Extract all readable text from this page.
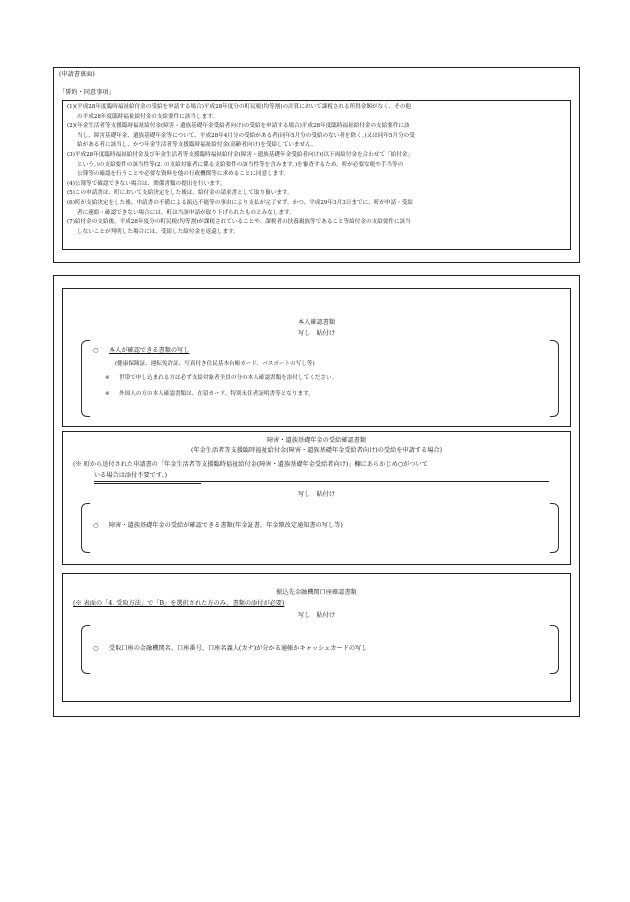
(申請書裏面)
「誓約・同意事項」
(1)(平成28年度臨時福祉給付金の受給を申請する場合)平成28年度分の町民税(均等割)の計算において課税される所得金額がなく、その他
の平成28年度臨時福祉給付金の支給要件に該当します。
(2)(年金生活者等支援臨時福祉給付金(障害・遺族基礎年金受給者向け)の受給を申請する場合)平成28年度臨時福祉給付金の支給要件に該
当し、障害基礎年金、遺族基礎年金等について、平成28年4月分の受給がある者(同年5月分の受給のない者を除く。)又は同年5月分の受
給がある者に該当し、かつ年金生活者等支援臨時福祉給付金(高齢者向け)を受給していません。
(3)平成28年度臨時福祉給付金及び年金生活者等支援臨時福祉給付金(障害・遺族基礎年金受給者向け)(以下両給付金を合わせて「給付金」
という。)の支給要件の該当性等(2. の支給対象者に係る支給要件の該当性等を含みます。)を審査するため、町が必要な税や手当等の
公簿等の確認を行うことや必要な資料を他の行政機関等に求めることに同意します。
(4)公簿等で確認できない場合は、関係書類の提出を行います。
(5)この申請書は、町において支給決定をした後は、給付金の請求書として取り扱います。
(6)町が支給決定をした後、申請書の不備による振込不能等の事由により支払が完了せず、かつ、平成29年3月3日までに、町が申請・受給
者に連絡・確認できない場合には、町は当該申請が取り下げられたものとみなします。
(7)給付金の支給後、平成28年度分の町民税(均等割)が課税されていることや、課税者の扶養親族等であること等給付金の支給要件に該当
しないことが判明した場合には、受給した給付金を返還します。
本人確認書類
写し　貼付け
○ 本人が確認できる書類の写し
(健康保険証、運転免許証、写真付き住民基本台帳カード、パスポートの写し等)
※ 世帯で申し込まれる方は必ず支給対象者全員の分の本人確認書類を添付してください。
※ 外国人の方の本人確認書類は、在留カード、特別永住者証明書等となります。
障害・遺族基礎年金の受給確認書類
(年金生活者等支援臨時福祉給付金(障害・遺族基礎年金受給者向け)の受給を申請する場合)
(※ 町から送付された申請書の「年金生活者等支援臨時福祉給付金(障害・遺族基礎年金受給者向け)」欄にあらかじめ○がついて
いる場合は添付不要です。)
写し　貼付け
○ 障害・遺族基礎年金の受給が確認できる書類(年金証書、年金額改定通知書の写し等)
振込先金融機関口座確認書類
(※ 表面の「4. 受取方法」で「B」を選択された方のみ、書類の添付が必要)
写し　貼付け
○ 受取口座の金融機関名、口座番号、口座名義人(カナ)が分かる通帳かキャッシュカードの写し
